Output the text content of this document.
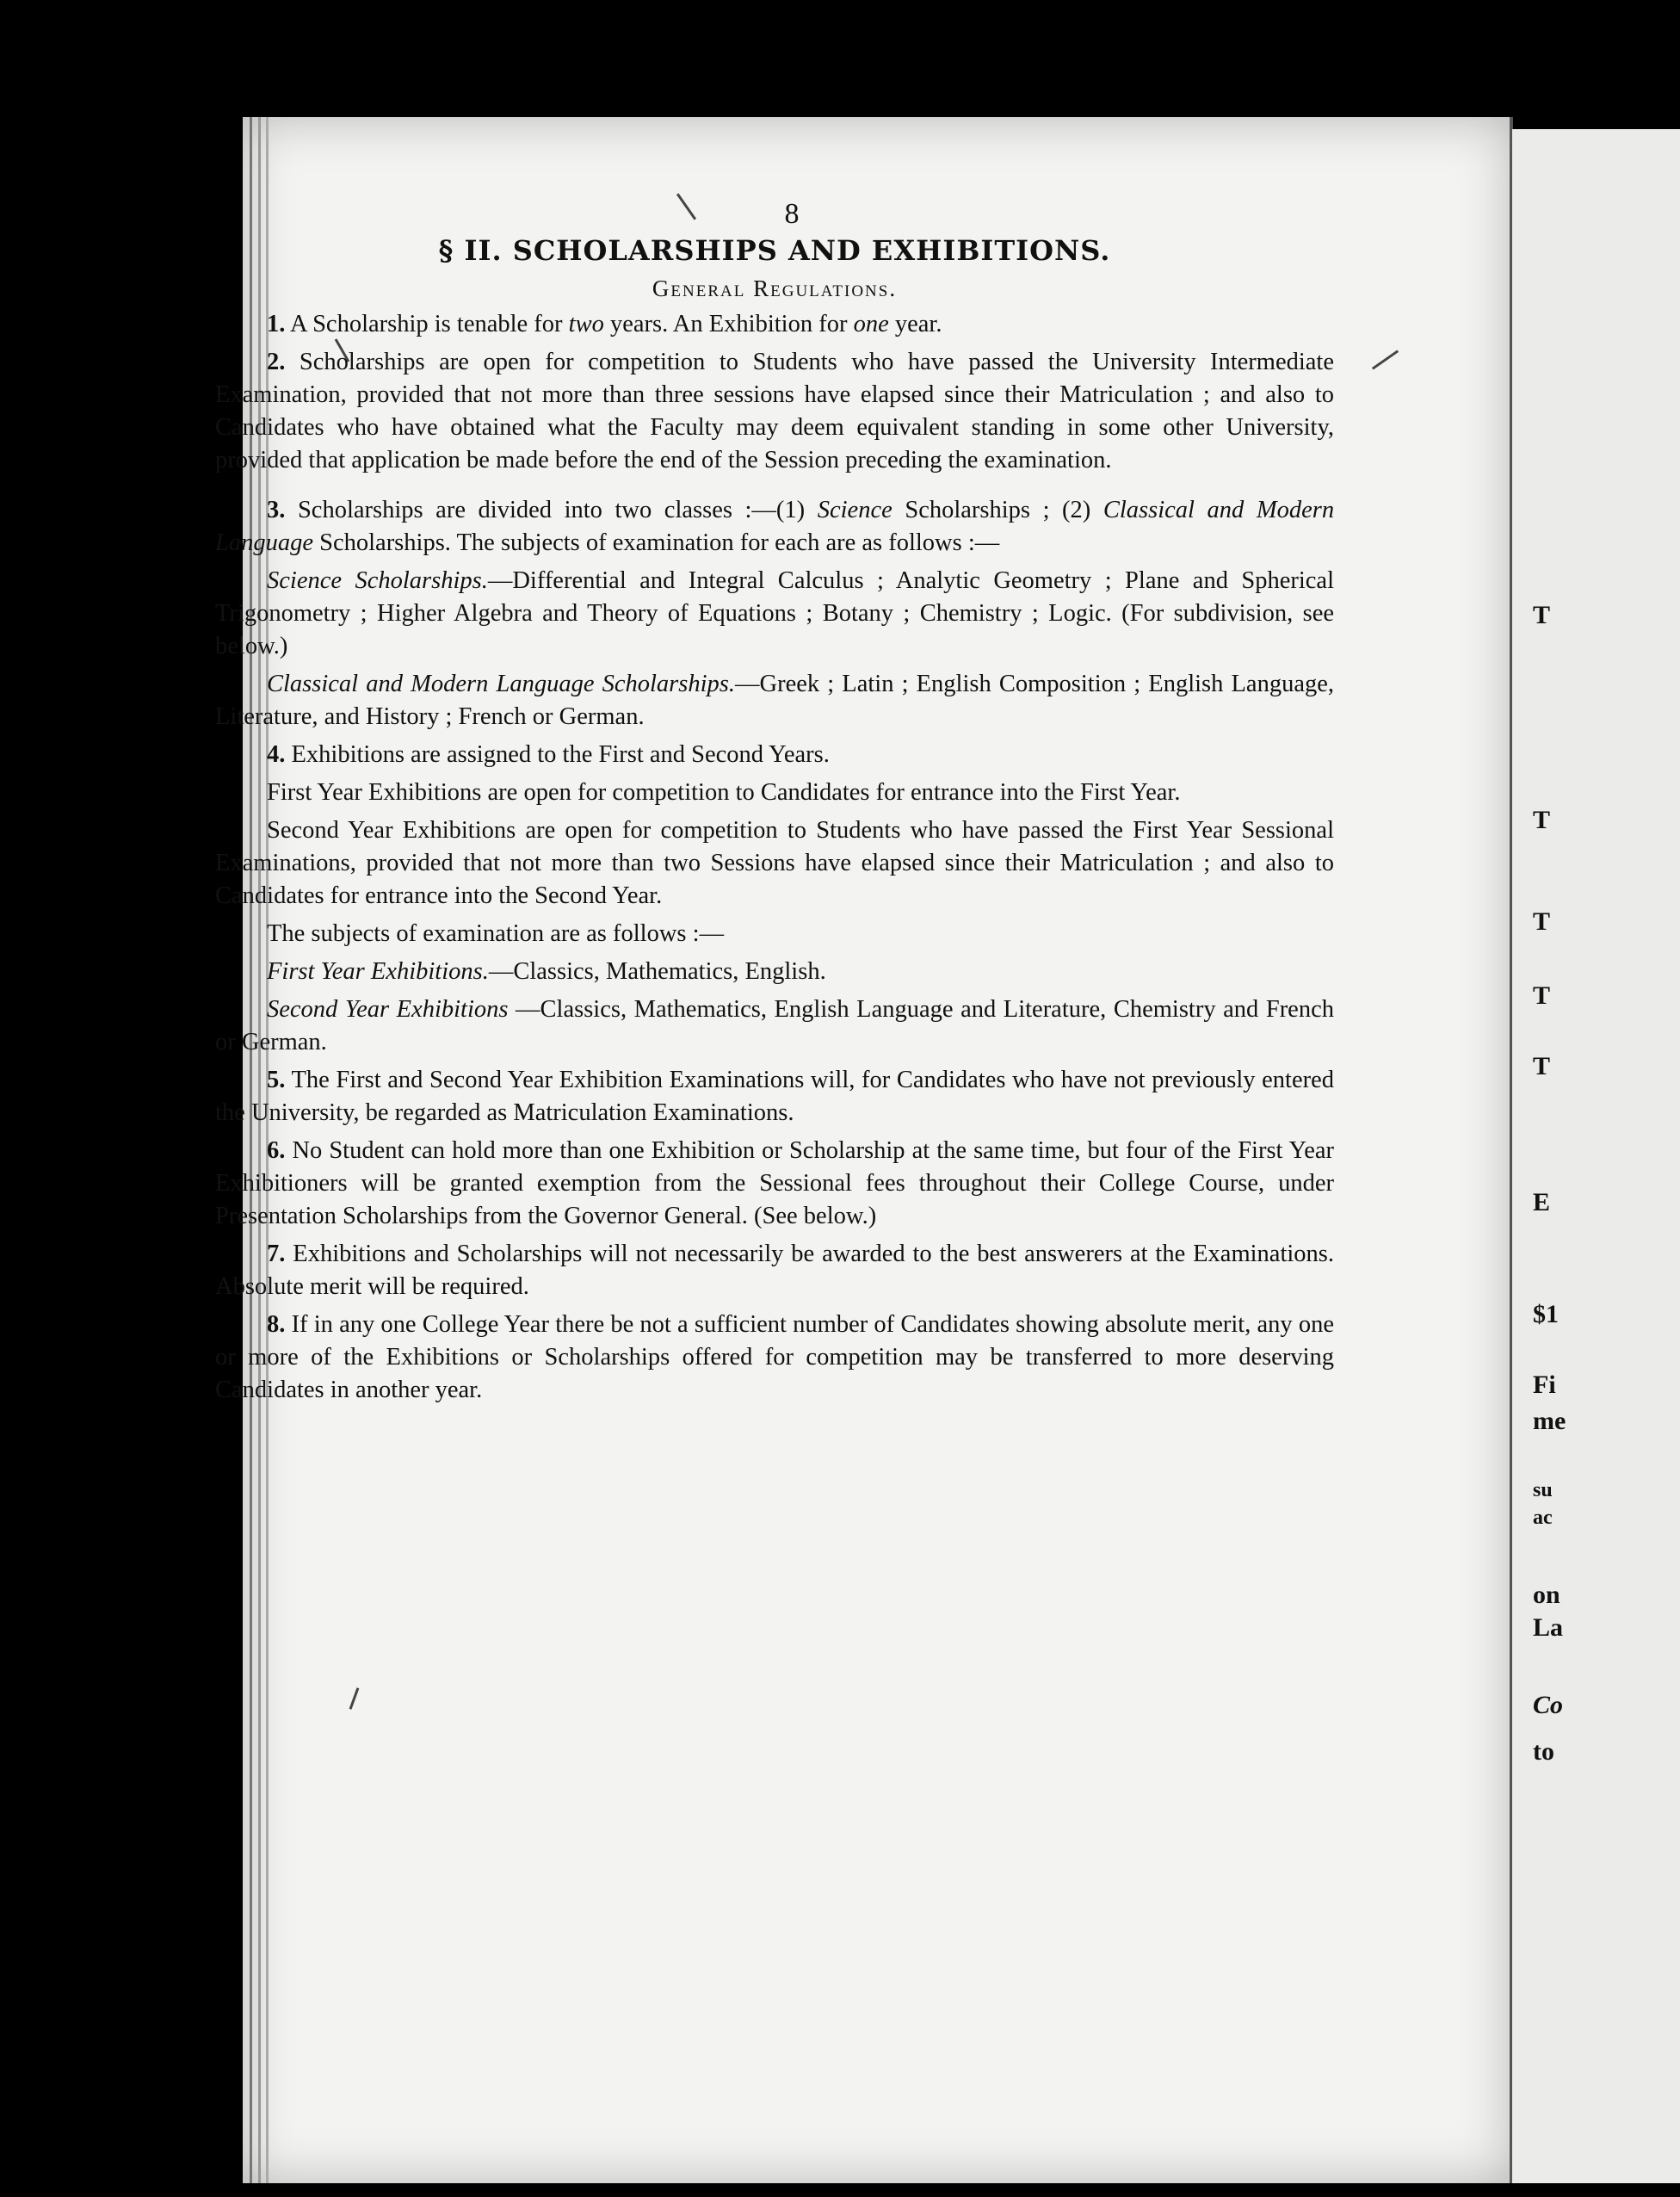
T
T
T
T
T
E
$1
Fi
me
su
ac
on
La
Co
to
8
§ II. SCHOLARSHIPS AND EXHIBITIONS.
General Regulations.

1. A Scholarship is tenable for two years. An Exhibition for one year.

2. Scholarships are open for competition to Students who have passed the University Intermediate Examination, provided that not more than three sessions have elapsed since their Matriculation ; and also to Candidates who have obtained what the Faculty may deem equivalent standing in some other University, provided that application be made before the end of the Session preceding the examination.

3. Scholarships are divided into two classes :—(1) Science Scholarships ; (2) Classical and Modern Language Scholarships. The subjects of examination for each are as follows :—

Science Scholarships.—Differential and Integral Calculus ; Analytic Geometry ; Plane and Spherical Trigonometry ; Higher Algebra and Theory of Equations ; Botany ; Chemistry ; Logic. (For subdivision, see below.)

Classical and Modern Language Scholarships.—Greek ; Latin ; English Composition ; English Language, Literature, and History ; French or German.

4. Exhibitions are assigned to the First and Second Years.

First Year Exhibitions are open for competition to Candidates for entrance into the First Year.

Second Year Exhibitions are open for competition to Students who have passed the First Year Sessional Examinations, provided that not more than two Sessions have elapsed since their Matriculation ; and also to Candidates for entrance into the Second Year.

The subjects of examination are as follows :—

First Year Exhibitions.—Classics, Mathematics, English.

Second Year Exhibitions —Classics, Mathematics, English Language and Literature, Chemistry and French or German.

5. The First and Second Year Exhibition Examinations will, for Candidates who have not previously entered the University, be regarded as Matriculation Examinations.

6. No Student can hold more than one Exhibition or Scholarship at the same time, but four of the First Year Exhibitioners will be granted exemption from the Sessional fees throughout their College Course, under Presentation Scholarships from the Governor General. (See below.)

7. Exhibitions and Scholarships will not necessarily be awarded to the best answerers at the Examinations. Absolute merit will be required.

8. If in any one College Year there be not a sufficient number of Candidates showing absolute merit, any one or more of the Exhibitions or Scholarships offered for competition may be transferred to more deserving Candidates in another year.
